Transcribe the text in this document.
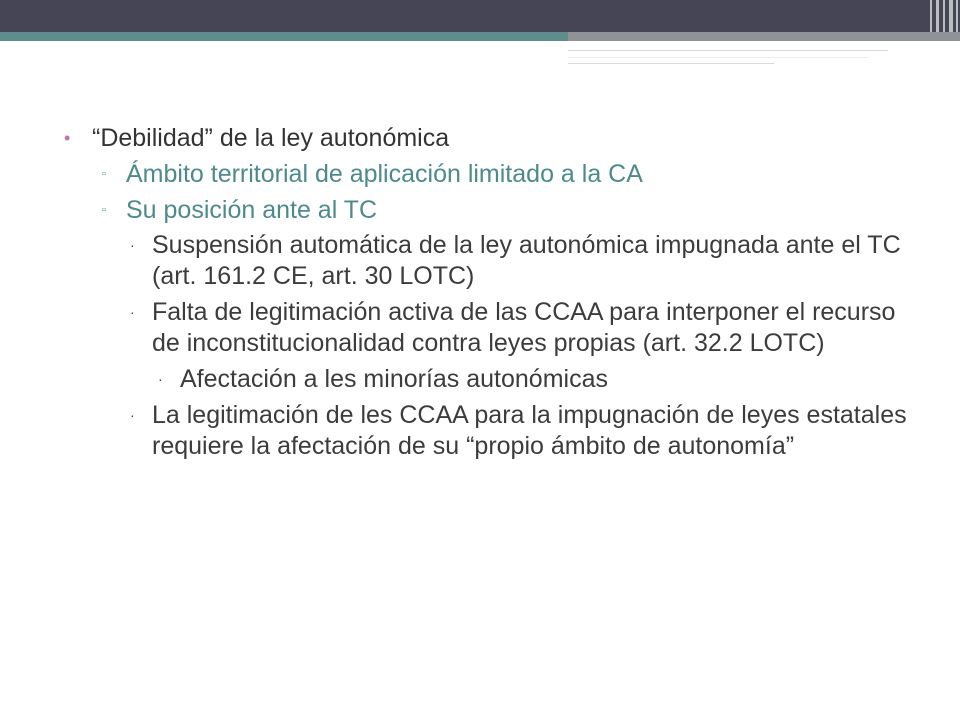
• “Debilidad” de la ley autonómica
▫ Ámbito territorial de aplicación limitado a la CA
▫ Su posición ante al TC
· Suspensión automática de la ley autonómica impugnada ante el TC (art. 161.2 CE, art. 30 LOTC)
· Falta de legitimación activa de las CCAA para interponer el recurso de inconstitucionalidad contra leyes propias (art. 32.2 LOTC)
· Afectación a les minorías autonómicas
· La legitimación de les CCAA para la impugnación de leyes estatales requiere la afectación de su “propio ámbito de autonomía”
